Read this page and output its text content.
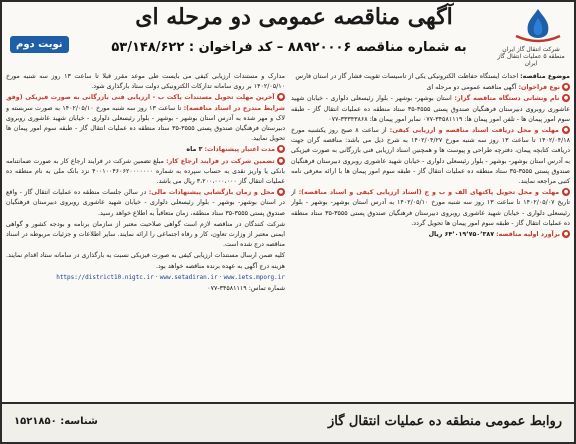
شرکت انتقال گاز ایران
منطقه ۵ عملیات انتقال گاز ایران
آگهی مناقصه عمومی دو مرحله ای
به شماره مناقصه ۸۸۹۲۰۰۰۶ – کد فراخوان : ۵۳/۱۴۸/۶۲۲
نوبت دوم

موضوع مناقصه: احداث ایستگاه حفاظت الکترونیکی یکی از تاسیسات تقویت فشار گاز در استان فارس

● نوع فراخوان: آگهی مناقصه عمومی دو مرحله ای

● نام ونشانی دستگاه مناقصه گزار: استان بوشهر- بوشهر - بلوار رئیسعلی دلواری - خیابان شهید عاشوری روبروی دبیرستان فرهنگیان صندوق پستی ۳۵۵۵-۳۵ ستاد منطقه ده عملیات انتقال گاز - طبقه سوم امور پیمان ها - تلفن امور پیمان ها: ۳۴۵۸۱۱۱۹-۰۷۷ نمابر امور پیمان ها: ۳۳۳۴۳۸۶۸-۰۷۷

● مهلت و محل دریافت اسناد مناقصه و ارزیابی کیفی: از ساعت ۸ صبح روز یکشنبه مورخ ۱۴۰۲/۰۴/۱۸ تا ساعت ۱۳ روز سه شنبه مورخ ۱۴۰۲/۰۴/۲۷ به شرح ذیل می باشد: مناقصه گران جهت دریافت کتابچه پیمان، دفترچه طراحی و پیوست ها و همچنین اسناد ارزیابی فنی بازرگانی به صورت فیزیکی به آدرس استان بوشهر- بوشهر - بلوار رئیسعلی دلواری - خیابان شهید عاشوری روبروی دبیرستان فرهنگیان صندوق پستی ۳۵۵۵-۳۵ ستاد منطقه ده عملیات انتقال گاز - طبقه سوم امور پیمان ها با ارائه معرفی نامه کتبی مراجعه نمایند.

● مهلت و محل تحویل پاکتهای الف و ب و ج (اسناد ارزیابی کیفی و اسناد مناقصه): از تاریخ ۱۴۰۲/۰۵/۰۷ تا ساعت ۱۳ روز سه شنبه مورخ ۱۴۰۲/۰۵/۱۰ به آدرس استان بوشهر- بوشهر - بلوار رئیسعلی دلواری - خیابان شهید عاشوری روبروی دبیرستان فرهنگیان صندوق پستی ۳۵۵۵-۳۵ ستاد منطقه ده عملیات انتقال گاز - طبقه سوم امور پیمان ها تحویل گردد.

● برآورد اولیه مناقصه: ۶۴٬۰۱۹٬۷۵۰٬۳۸۷ ریال

مدارک و مستندات ارزیابی کیفی می بایست طی موعد مقرر قبلا تا ساعت ۱۳ روز سه شنبه مورخ ۱۴۰۲/۰۵/۱۰ بر روی سامانه تدارکات الکترونیکی دولت ستاد بارگذاری شود.

● آخرین مهلت تحویل مستندات پاکت ب - ارزیابی فنی بازرگانی به صورت فیزیکی (وفق شرایط مندرج در اسناد مناقصه): تا ساعت ۱۳ روز سه شنبه مورخ ۱۴۰۲/۰۵/۱۰ به صورت سربسته و لاک و مهر شده به آدرس استان بوشهر - بوشهر - بلوار رئیسعلی دلواری - خیابان شهید عاشوری روبروی دبیرستان فرهنگیان صندوق پستی ۳۵۵۵-۳۵ ستاد منطقه ده عملیات انتقال گاز - طبقه سوم امور پیمان ها تحویل نمایید.

● مدت اعتبار پیشنهادات: ۳ ماه

● تضمین شرکت در فرایند ارجاع کار: مبلغ تضمین شرکت در فرایند ارجاع کار به صورت ضمانتنامه بانکی یا واریز نقدی به حساب سپرده به شماره ۴۰۰۱۰۰۴۶۰۶۲۰۰۰۰۰۰۰ نزد بانک ملی به نام منطقه ده عملیات انتقال گاز ۳،۲۰۰،۰۰۰،۰۰۰ ریال می باشد.

● محل و زمان بازگشایی پیشنهادات مالی: در سالن جلسات منطقه ده عملیات انتقال گاز - واقع در استان بوشهر- بوشهر - بلوار رئیسعلی دلواری - خیابان شهید عاشوری روبروی دبیرستان فرهنگیان صندوق پستی ۳۵۵۵-۳۵ ستاد منطقه، زمان متعاقباً به اطلاع خواهد رسید.

شرکت کنندگان در مناقصه لازم است گواهی صلاحیت معتبر از سازمان برنامه و بودجه کشور و گواهی ایمنی معتبر از وزارت تعاون، کار و رفاه اجتماعی را ارائه نمایند. سایر اطلاعات و جزئیات مربوطه در اسناد مناقصه درج شده است.

کلیه ضمن ارسال مستندات ارزیابی کیفی به صورت فیزیکی نسبت به بارگذاری در سامانه ستاد اقدام نمایند. هزینه درج آگهی به عهده برنده مناقصه خواهد بود.

https://district10.nigtc.ir · www.setadiran.ir · www.iets.mporg.ir

شماره تماس: ۳۴۵۸۱۱۱۹-۰۷۷

روابط عمومی منطقه ده عملیات انتقال گاز
شناسه: ۱۵۲۱۸۵۰
